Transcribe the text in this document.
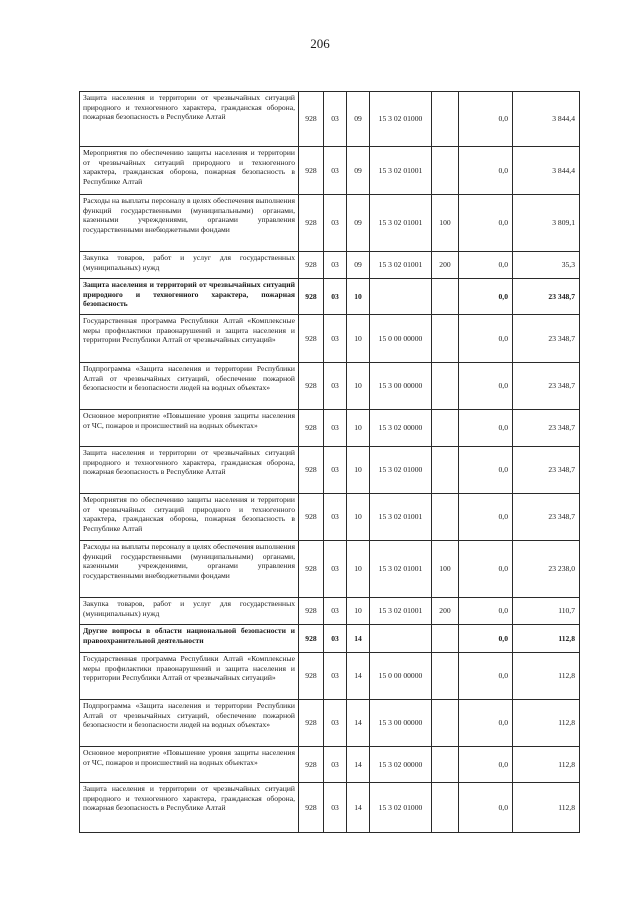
206
Защита населения и территории от чрезвычайных ситуаций природного и техногенного характера, гражданская оборона, пожарная безопасность в Республике Алтай	928	03	09	15 3 02 01000		0,0	3 844,4
Мероприятия по обеспечению защиты населения и территории от чрезвычайных ситуаций природного и техногенного характера, гражданская оборона, пожарная безопасность в Республике Алтай	928	03	09	15 3 02 01001		0,0	3 844,4
Расходы на выплаты персоналу в целях обеспечения выполнения функций государственными (муниципальными) органами, казенными учреждениями, органами управления государственными внебюджетными фондами	928	03	09	15 3 02 01001	100	0,0	3 809,1
Закупка товаров, работ и услуг для государственных (муниципальных) нужд	928	03	09	15 3 02 01001	200	0,0	35,3
Защита населения и территорий от чрезвычайных ситуаций природного и техногенного характера, пожарная безопасность	928	03	10			0,0	23 348,7
Государственная программа Республики Алтай «Комплексные меры профилактики правонарушений и защита населения и территории Республики Алтай от чрезвычайных ситуаций»	928	03	10	15 0 00 00000		0,0	23 348,7
Подпрограмма «Защита населения и территории Республики Алтай от чрезвычайных ситуаций, обеспечение пожарной безопасности и безопасности людей на водных объектах»	928	03	10	15 3 00 00000		0,0	23 348,7
Основное мероприятие «Повышение уровня защиты населения от ЧС, пожаров и происшествий на водных объектах»	928	03	10	15 3 02 00000		0,0	23 348,7
Защита населения и территории от чрезвычайных ситуаций природного и техногенного характера, гражданская оборона, пожарная безопасность в Республике Алтай	928	03	10	15 3 02 01000		0,0	23 348,7
Мероприятия по обеспечению защиты населения и территории от чрезвычайных ситуаций природного и техногенного характера, гражданская оборона, пожарная безопасность в Республике Алтай	928	03	10	15 3 02 01001		0,0	23 348,7
Расходы на выплаты персоналу в целях обеспечения выполнения функций государственными (муниципальными) органами, казенными учреждениями, органами управления государственными внебюджетными фондами	928	03	10	15 3 02 01001	100	0,0	23 238,0
Закупка товаров, работ и услуг для государственных (муниципальных) нужд	928	03	10	15 3 02 01001	200	0,0	110,7
Другие вопросы в области национальной безопасности и правоохранительной деятельности	928	03	14			0,0	112,8
Государственная программа Республики Алтай «Комплексные меры профилактики правонарушений и защита населения и территории Республики Алтай от чрезвычайных ситуаций»	928	03	14	15 0 00 00000		0,0	112,8
Подпрограмма «Защита населения и территории Республики Алтай от чрезвычайных ситуаций, обеспечение пожарной безопасности и безопасности людей на водных объектах»	928	03	14	15 3 00 00000		0,0	112,8
Основное мероприятие «Повышение уровня защиты населения от ЧС, пожаров и происшествий на водных объектах»	928	03	14	15 3 02 00000		0,0	112,8
Защита населения и территории от чрезвычайных ситуаций природного и техногенного характера, гражданская оборона, пожарная безопасность в Республике Алтай	928	03	14	15 3 02 01000		0,0	112,8
